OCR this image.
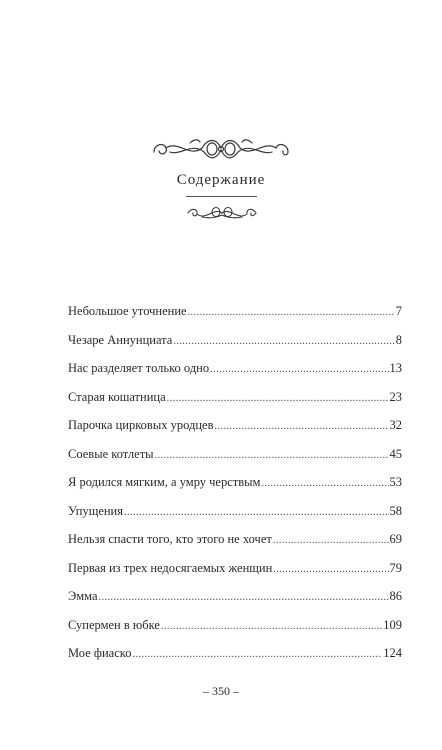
Содержание
Небольшое уточнение .....	7
Чезаре Аннунциата .....	8
Нас разделяет только одно .....	13
Старая кошатница .....	23
Парочка цирковых уродцев .....	32
Соевые котлеты .....	45
Я родился мягким, а умру черствым .....	53
Упущения .....	58
Нельзя спасти того, кто этого не хочет .....	69
Первая из трех недосягаемых женщин .....	79
Эмма .....	86
Супермен в юбке .....	109
Мое фиаско .....	124
– 350 –
